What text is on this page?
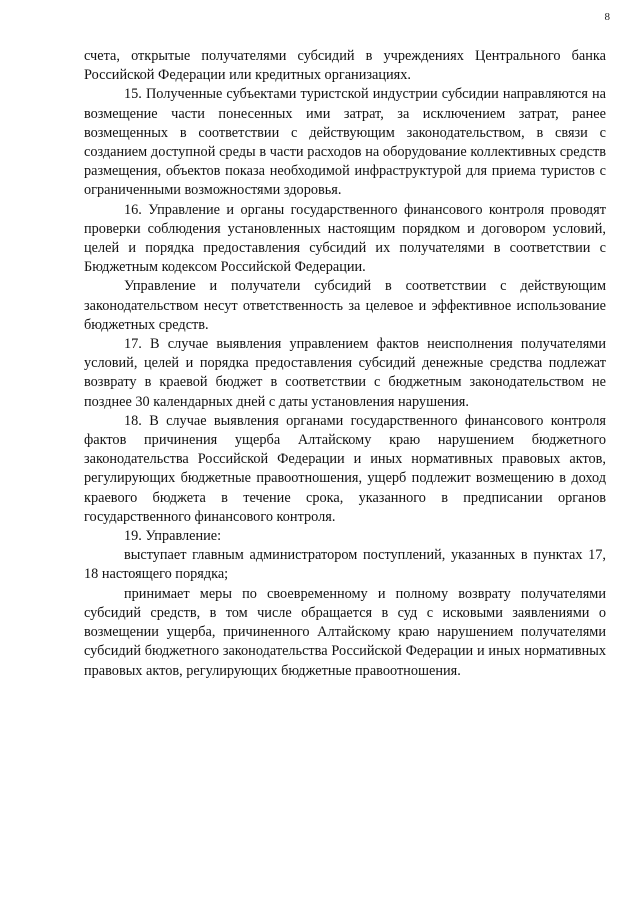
8

счета, открытые получателями субсидий в учреждениях Центрального банка Российской Федерации или кредитных организациях.

15. Полученные субъектами туристской индустрии субсидии направляются на возмещение части понесенных ими затрат, за исключением затрат, ранее возмещенных в соответствии с действующим законодательством, в связи с созданием доступной среды в части расходов на оборудование коллективных средств размещения, объектов показа необходимой инфраструктурой для приема туристов с ограниченными возможностями здоровья.

16. Управление и органы государственного финансового контроля проводят проверки соблюдения установленных настоящим порядком и договором условий, целей и порядка предоставления субсидий их получателями в соответствии с Бюджетным кодексом Российской Федерации.

Управление и получатели субсидий в соответствии с действующим законодательством несут ответственность за целевое и эффективное использование бюджетных средств.

17. В случае выявления управлением фактов неисполнения получателями условий, целей и порядка предоставления субсидий денежные средства подлежат возврату в краевой бюджет в соответствии с бюджетным законодательством не позднее 30 календарных дней с даты установления нарушения.

18. В случае выявления органами государственного финансового контроля фактов причинения ущерба Алтайскому краю нарушением бюджетного законодательства Российской Федерации и иных нормативных правовых актов, регулирующих бюджетные правоотношения, ущерб подлежит возмещению в доход краевого бюджета в течение срока, указанного в предписании органов государственного финансового контроля.

19. Управление:

выступает главным администратором поступлений, указанных в пунктах 17, 18 настоящего порядка;

принимает меры по своевременному и полному возврату получателями субсидий средств, в том числе обращается в суд с исковыми заявлениями о возмещении ущерба, причиненного Алтайскому краю нарушением получателями субсидий бюджетного законодательства Российской Федерации и иных нормативных правовых актов, регулирующих бюджетные правоотношения.
